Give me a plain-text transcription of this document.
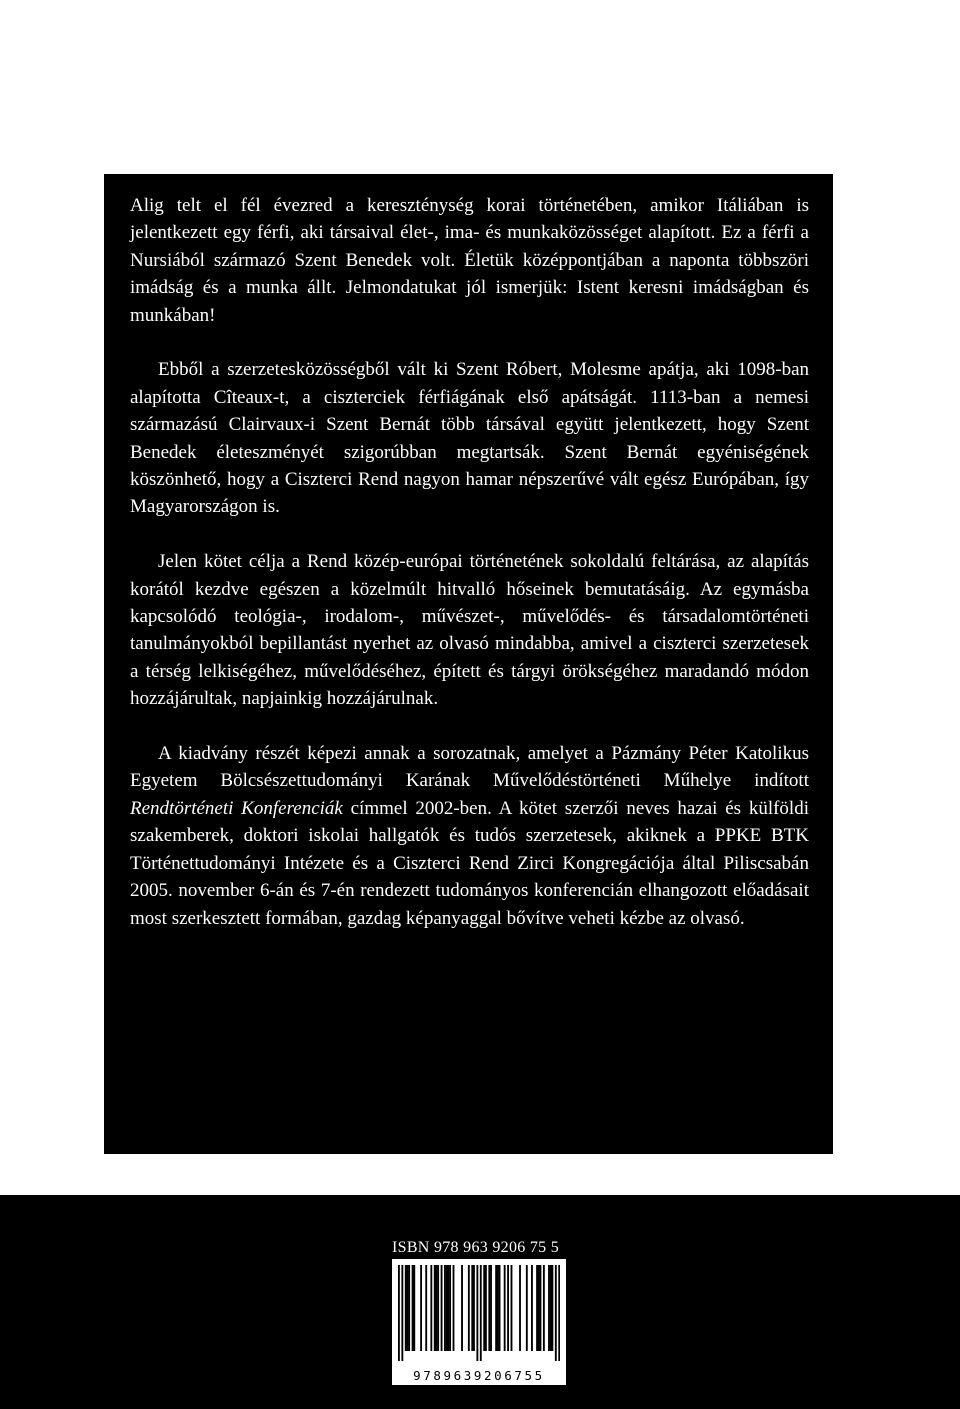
Alig telt el fél évezred a kereszténység korai történetében, amikor Itáliában is jelentkezett egy férfi, aki társaival élet-, ima- és munkaközösséget alapított. Ez a férfi a Nursiából származó Szent Benedek volt. Életük középpontjában a naponta többszöri imádság és a munka állt. Jelmondatukat jól ismerjük: Istent keresni imádságban és munkában!

Ebből a szerzetesközösségből vált ki Szent Róbert, Molesme apátja, aki 1098-ban alapította Cîteaux-t, a ciszterciek férfiágának első apátságát. 1113-ban a nemesi származású Clairvaux-i Szent Bernát több társával együtt jelentkezett, hogy Szent Benedek életeszményét szigorúbban megtartsák. Szent Bernát egyéniségének köszönhető, hogy a Ciszterci Rend nagyon hamar népszerűvé vált egész Európában, így Magyarországon is.

Jelen kötet célja a Rend közép-európai történetének sokoldalú feltárása, az alapítás korától kezdve egészen a közelmúlt hitvalló hőseinek bemutatásáig. Az egymásba kapcsolódó teológia-, irodalom-, művészet-, művelődés- és társadalomtörténeti tanulmányokból bepillantást nyerhet az olvasó mindabba, amivel a ciszterci szerzetesek a térség lelkiségéhez, művelődéséhez, épített és tárgyi örökségéhez maradandó módon hozzájárultak, napjainkig hozzájárulnak.

A kiadvány részét képezi annak a sorozatnak, amelyet a Pázmány Péter Katolikus Egyetem Bölcsészettudományi Karának Művelődéstörténeti Műhelye indított Rendtörténeti Konferenciák címmel 2002-ben. A kötet szerzői neves hazai és külföldi szakemberek, doktori iskolai hallgatók és tudós szerzetesek, akiknek a PPKE BTK Történettudományi Intézete és a Ciszterci Rend Zirci Kongregációja által Piliscsabán 2005. november 6-án és 7-én rendezett tudományos konferencián elhangozott előadásait most szerkesztett formában, gazdag képanyaggal bővítve veheti kézbe az olvasó.

ISBN 978 963 9206 75 5
9789639206755
